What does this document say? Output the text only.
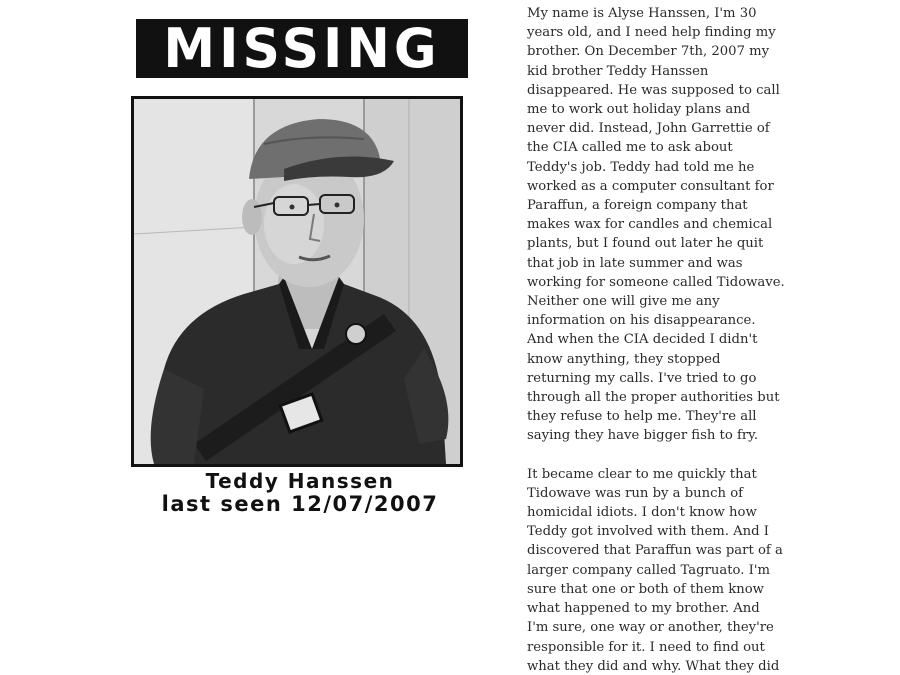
MISSING
Teddy Hanssen
last seen 12/07/2007
My name is Alyse Hanssen, I'm 30
years old, and I need help finding my
brother. On December 7th, 2007 my
kid brother Teddy Hanssen
disappeared. He was supposed to call
me to work out holiday plans and
never did. Instead, John Garrettie of
the CIA called me to ask about
Teddy's job. Teddy had told me he
worked as a computer consultant for
Paraffun, a foreign company that
makes wax for candles and chemical
plants, but I found out later he quit
that job in late summer and was
working for someone called Tidowave.
Neither one will give me any
information on his disappearance.
And when the CIA decided I didn't
know anything, they stopped
returning my calls. I've tried to go
through all the proper authorities but
they refuse to help me. They're all
saying they have bigger fish to fry.
It became clear to me quickly that
Tidowave was run by a bunch of
homicidal idiots. I don't know how
Teddy got involved with them. And I
discovered that Paraffun was part of a
larger company called Tagruato. I'm
sure that one or both of them know
what happened to my brother. And
I'm sure, one way or another, they're
responsible for it. I need to find out
what they did and why. What they did
